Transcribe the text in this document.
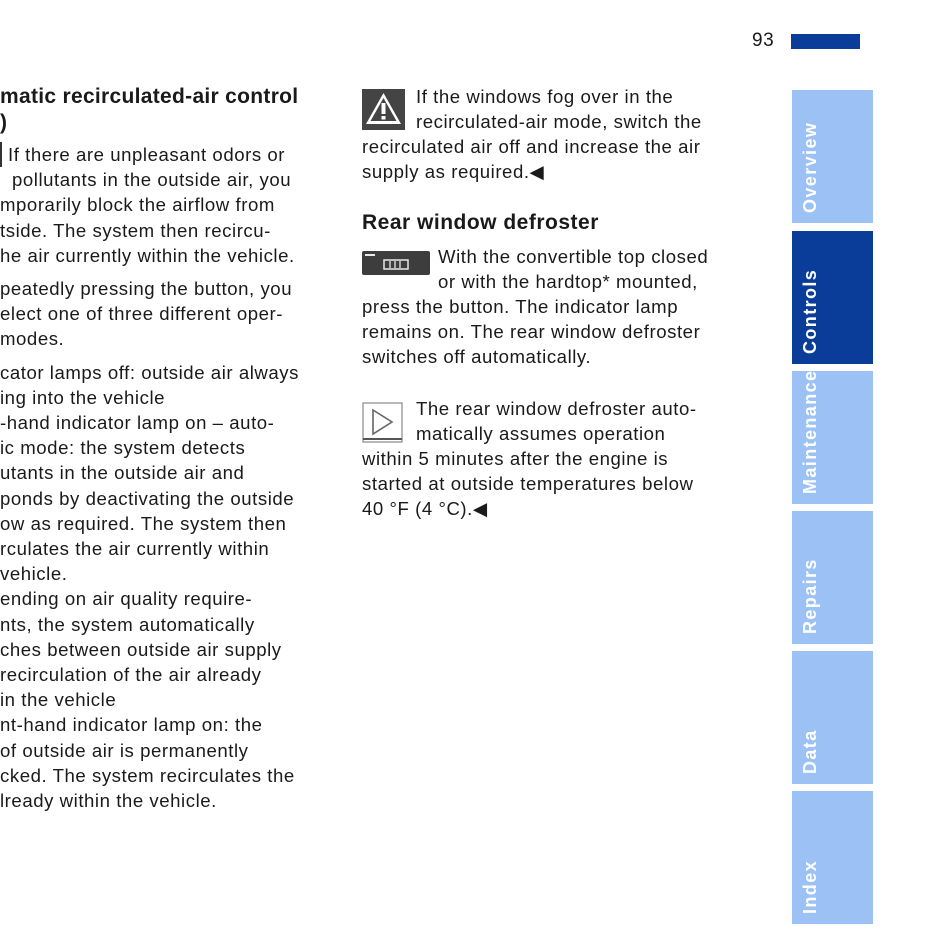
93
matic recirculated-air control
)
If there are unpleasant odors or
pollutants in the outside air, you
mporarily block the airflow from
tside. The system then recircu-
he air currently within the vehicle.
peatedly pressing the button, you
elect one of three different oper-
modes.
cator lamps off: outside air always
ing into the vehicle
-hand indicator lamp on – auto-
ic mode: the system detects
utants in the outside air and
ponds by deactivating the outside
ow as required. The system then
rculates the air currently within
vehicle.
ending on air quality require-
nts, the system automatically
ches between outside air supply
recirculation of the air already
in the vehicle
nt-hand indicator lamp on: the
of outside air is permanently
cked. The system recirculates the
lready within the vehicle.
If the windows fog over in the
recirculated-air mode, switch the
recirculated air off and increase the air
supply as required.◀
Rear window defroster
With the convertible top closed
or with the hardtop* mounted,
press the button. The indicator lamp
remains on. The rear window defroster
switches off automatically.
The rear window defroster auto-
matically assumes operation
within 5 minutes after the engine is
started at outside temperatures below
40 °F (4 °C).◀
Overview
Controls
Maintenance
Repairs
Data
Index
